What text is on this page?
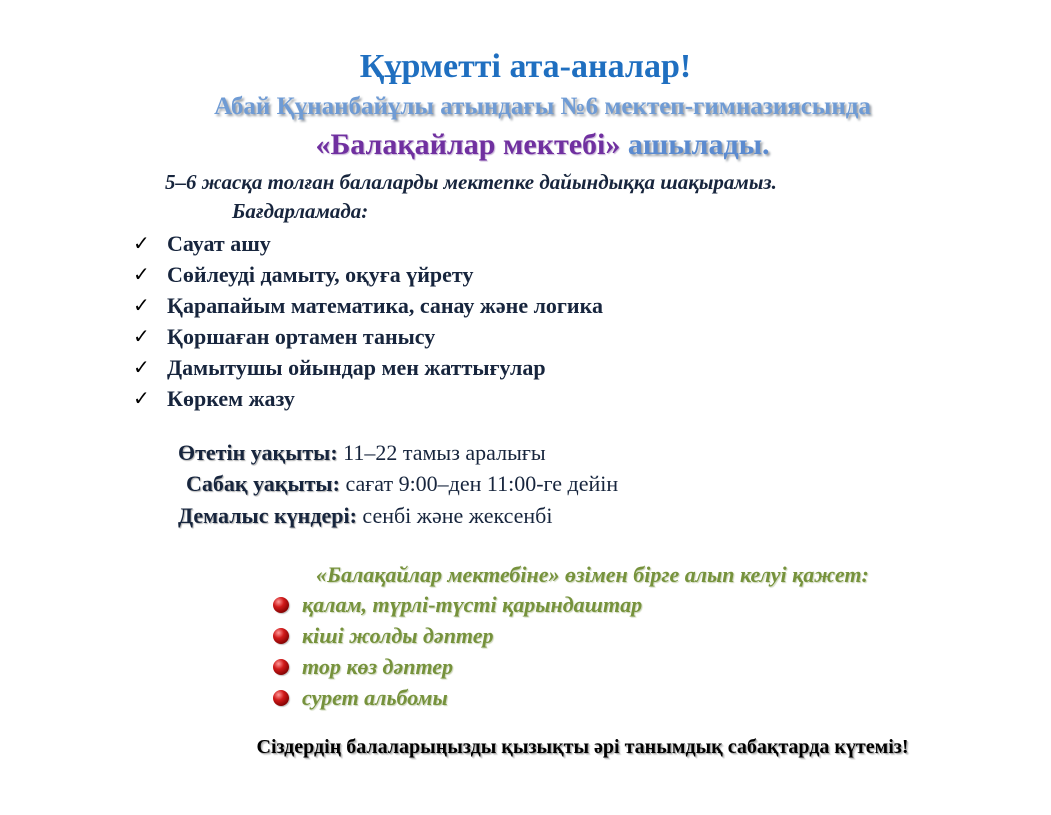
Құрметті ата-аналар!
Абай Құнанбайұлы атындағы №6 мектеп-гимназиясында
«Балақайлар мектебі» ашылады.
5–6 жасқа толған балаларды мектепке дайындыққа шақырамыз.
Бағдарламада:
✓ Сауат ашу
✓ Сөйлеуді дамыту, оқуға үйрету
✓ Қарапайым математика, санау және логика
✓ Қоршаған ортамен танысу
✓ Дамытушы ойындар мен жаттығулар
✓ Көркем жазу
Өтетін уақыты: 11–22 тамыз аралығы
Сабақ уақыты: сағат 9:00–ден 11:00-ге дейін
Демалыс күндері: сенбі және жексенбі
«Балақайлар мектебіне» өзімен бірге алып келуі қажет:
қалам, түрлі-түсті қарындаштар
кіші жолды дәптер
тор көз дәптер
сурет альбомы
Сіздердің балаларыңызды қызықты әрі танымдық сабақтарда күтеміз!
